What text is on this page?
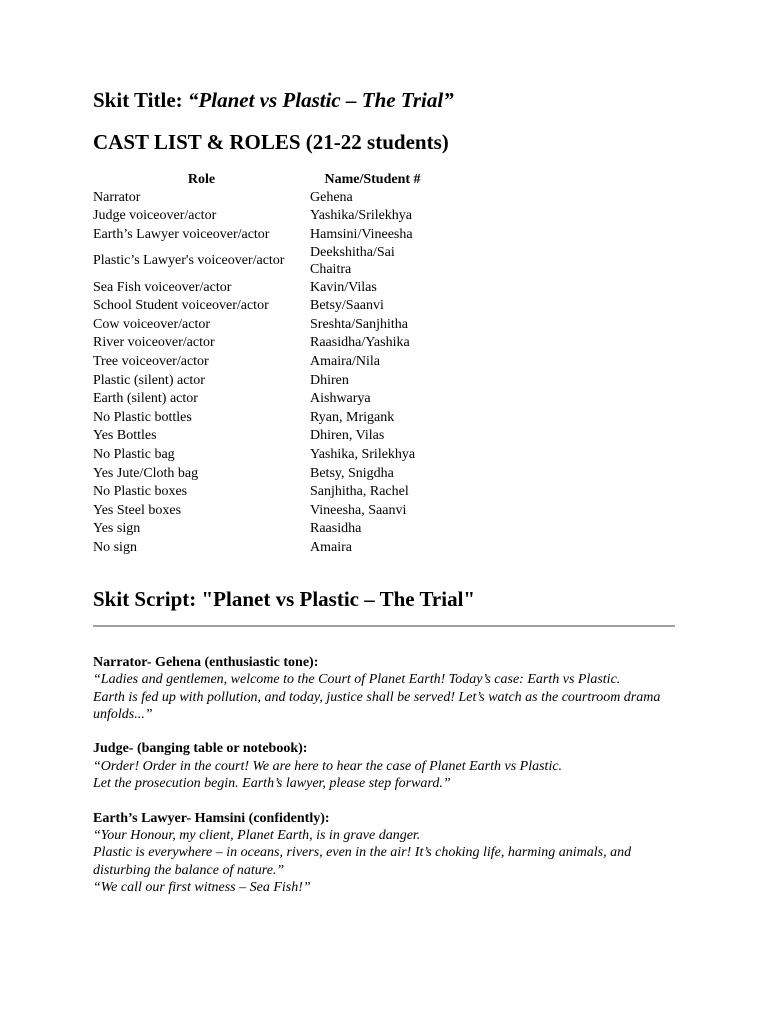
Skit Title: “Planet vs Plastic – The Trial”
CAST LIST & ROLES (21-22 students)
Role	Name/Student #
Narrator	Gehena
Judge voiceover/actor	Yashika/Srilekhya
Earth’s Lawyer voiceover/actor	Hamsini/Vineesha
Plastic’s Lawyer's voiceover/actor	Deekshitha/Sai Chaitra
Sea Fish voiceover/actor	Kavin/Vilas
School Student voiceover/actor	Betsy/Saanvi
Cow voiceover/actor	Sreshta/Sanjhitha
River voiceover/actor	Raasidha/Yashika
Tree voiceover/actor	Amaira/Nila
Plastic (silent) actor	Dhiren
Earth (silent) actor	Aishwarya
No Plastic bottles	Ryan, Mrigank
Yes Bottles	Dhiren, Vilas
No Plastic bag	Yashika, Srilekhya
Yes Jute/Cloth bag	Betsy, Snigdha
No Plastic boxes	Sanjhitha, Rachel
Yes Steel boxes	Vineesha, Saanvi
Yes sign	Raasidha
No sign	Amaira
Skit Script: "Planet vs Plastic – The Trial"
Narrator- Gehena (enthusiastic tone):
“Ladies and gentlemen, welcome to the Court of Planet Earth! Today’s case: Earth vs Plastic.
Earth is fed up with pollution, and today, justice shall be served! Let’s watch as the courtroom drama unfolds...”
Judge- (banging table or notebook):
“Order! Order in the court! We are here to hear the case of Planet Earth vs Plastic.
Let the prosecution begin. Earth’s lawyer, please step forward.”
Earth’s Lawyer- Hamsini (confidently):
“Your Honour, my client, Planet Earth, is in grave danger.
Plastic is everywhere – in oceans, rivers, even in the air! It’s choking life, harming animals, and disturbing the balance of nature.”
“We call our first witness – Sea Fish!”
